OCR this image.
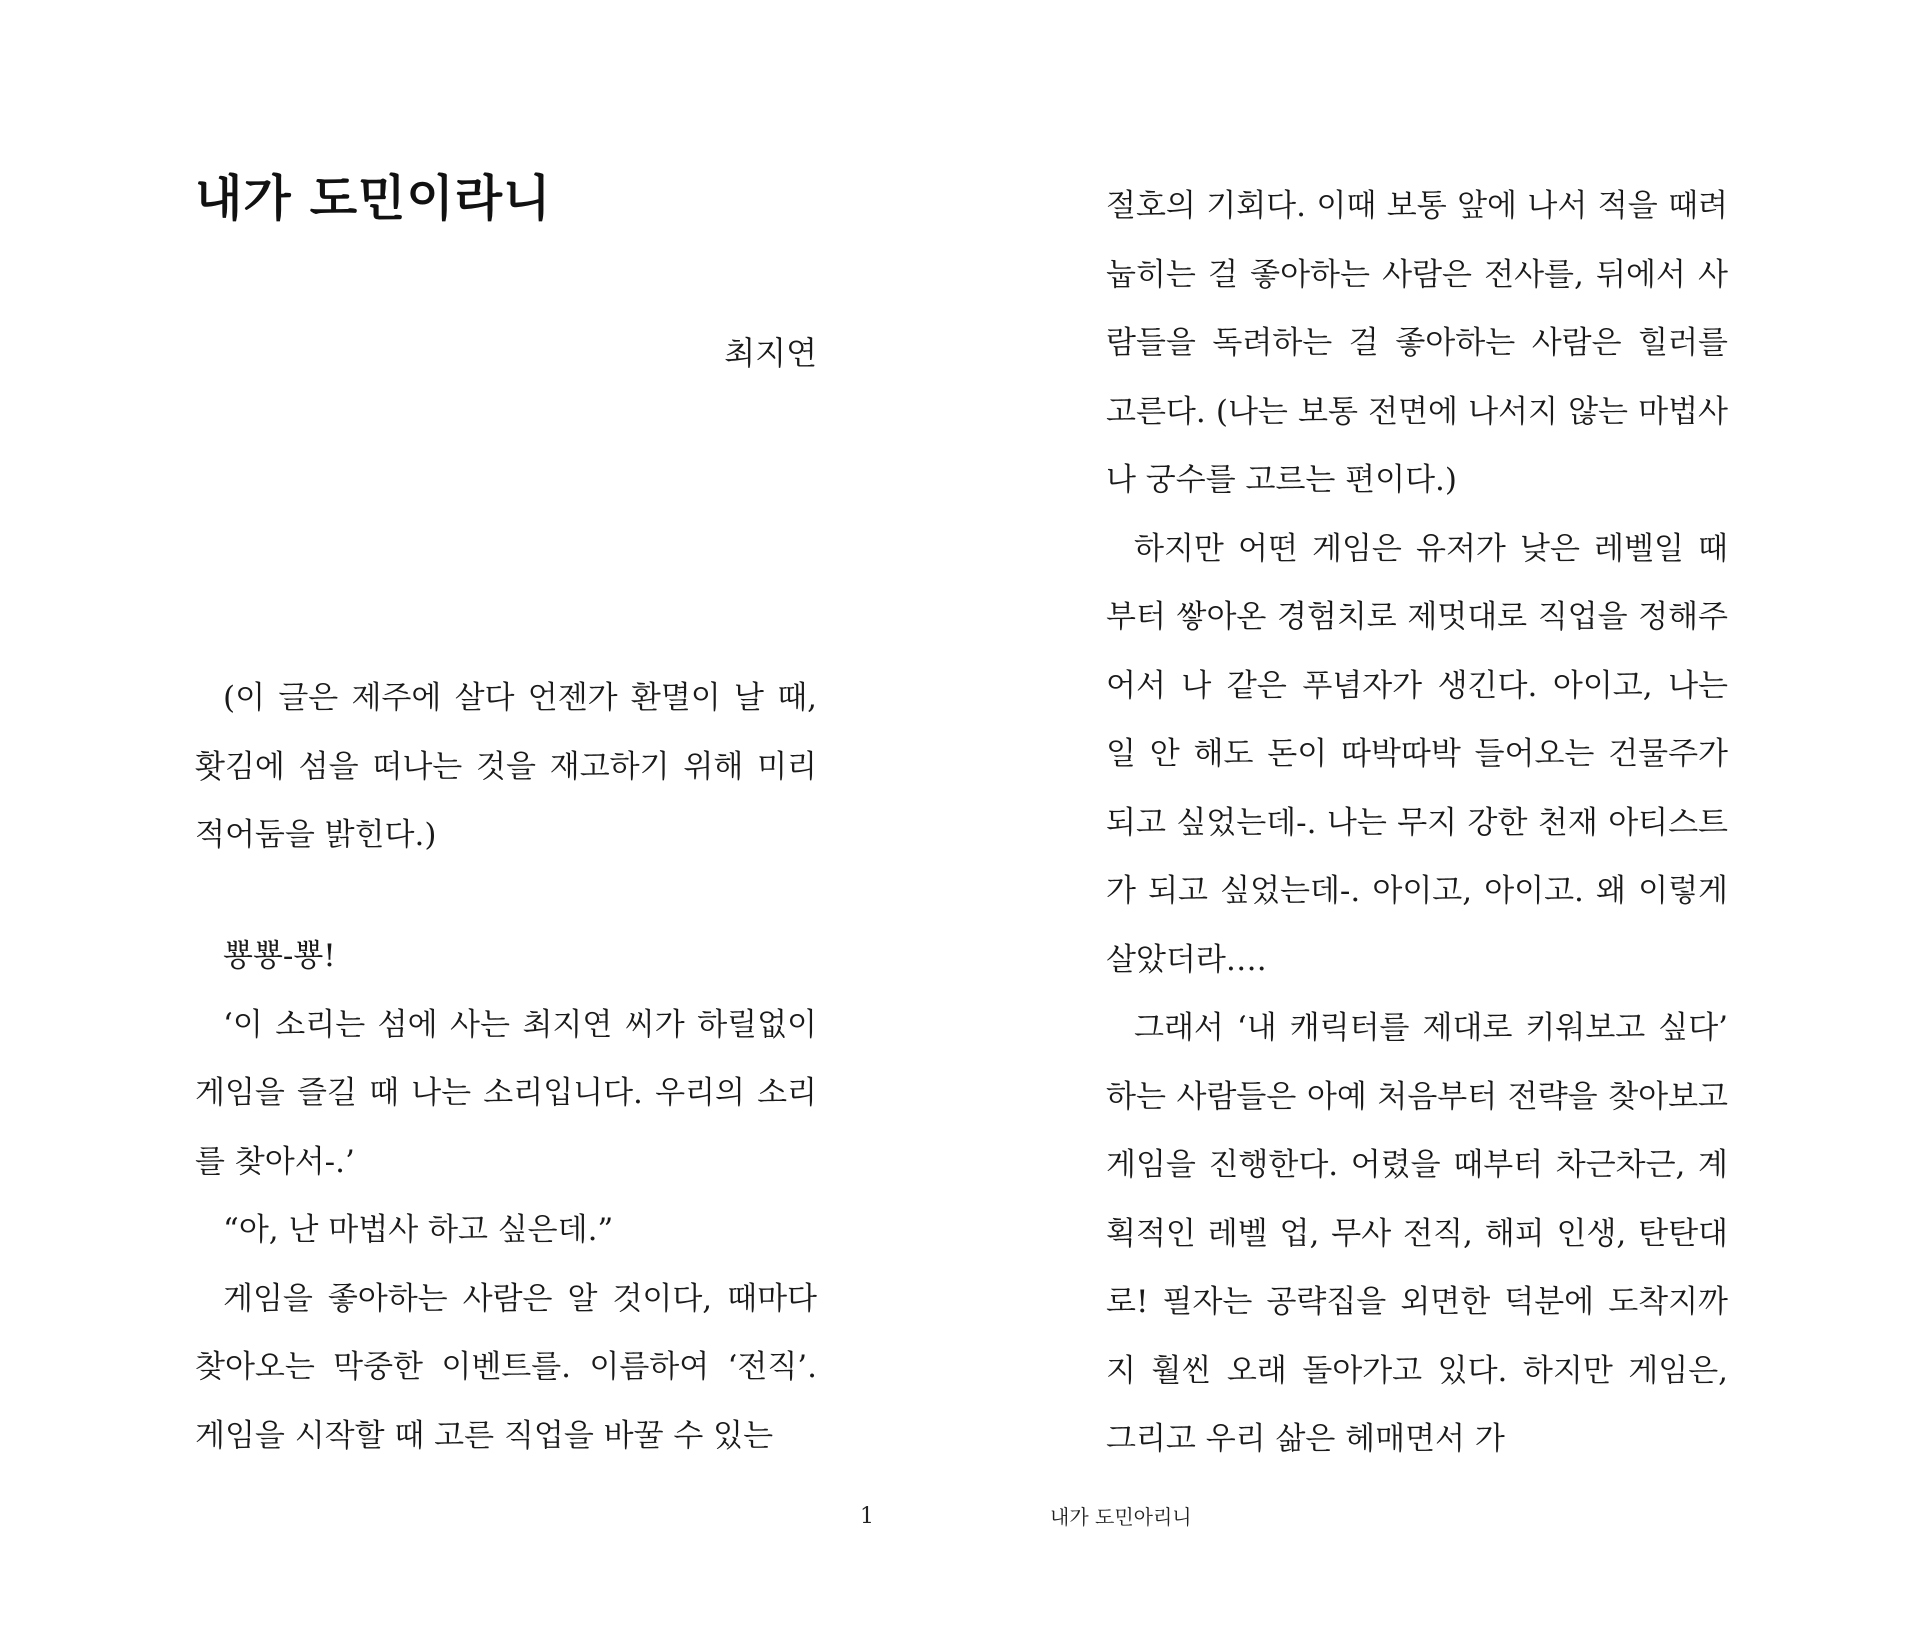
내가 도민이라니
최지연

(이 글은 제주에 살다 언젠가 환멸이 날 때, 홧김에 섬을 떠나는 것을 재고하기 위해 미리 적어둠을 밝힌다.)

뿅뿅-뿅!

‘이 소리는 섬에 사는 최지연 씨가 하릴없이 게임을 즐길 때 나는 소리입니다. 우리의 소리를 찾아서-.’

“아, 난 마법사 하고 싶은데.”

게임을 좋아하는 사람은 알 것이다, 때마다 찾아오는 막중한 이벤트를. 이름하여 ‘전직’. 게임을 시작할 때 고른 직업을 바꿀 수 있는

절호의 기회다. 이때 보통 앞에 나서 적을 때려눕히는 걸 좋아하는 사람은 전사를, 뒤에서 사람들을 독려하는 걸 좋아하는 사람은 힐러를 고른다. (나는 보통 전면에 나서지 않는 마법사나 궁수를 고르는 편이다.)

하지만 어떤 게임은 유저가 낮은 레벨일 때부터 쌓아온 경험치로 제멋대로 직업을 정해주어서 나 같은 푸념자가 생긴다. 아이고, 나는 일 안 해도 돈이 따박따박 들어오는 건물주가 되고 싶었는데-. 나는 무지 강한 천재 아티스트가 되고 싶었는데-. 아이고, 아이고. 왜 이렇게 살았더라….

그래서 ‘내 캐릭터를 제대로 키워보고 싶다’ 하는 사람들은 아예 처음부터 전략을 찾아보고 게임을 진행한다. 어렸을 때부터 차근차근, 계획적인 레벨 업, 무사 전직, 해피 인생, 탄탄대로! 필자는 공략집을 외면한 덕분에 도착지까지 훨씬 오래 돌아가고 있다. 하지만 게임은, 그리고 우리 삶은 헤매면서 가

1	내가 도민아리니
